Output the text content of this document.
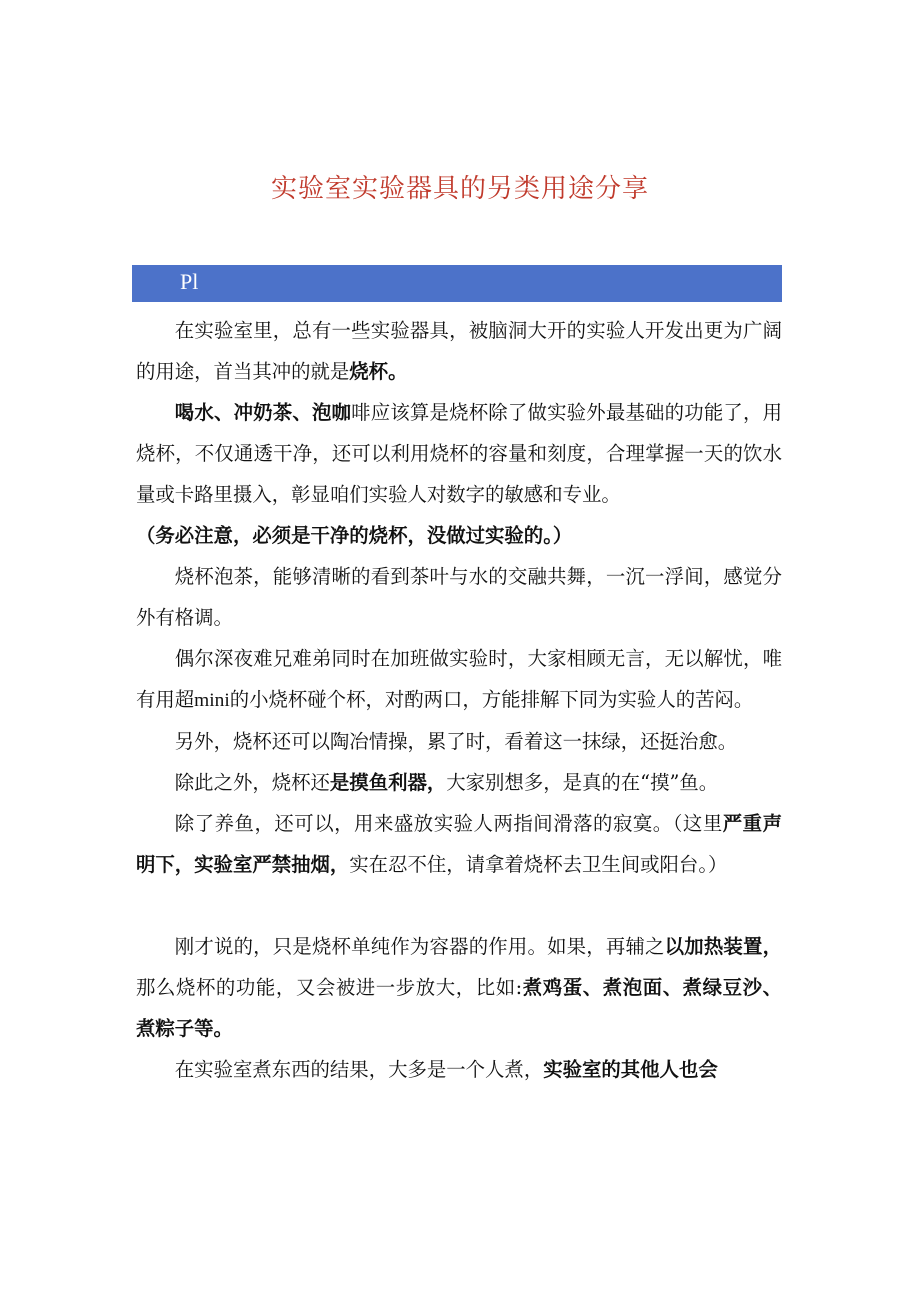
实验室实验器具的另类用途分享
Pl

在实验室里，总有一些实验器具，被脑洞大开的实验人开发出更为广阔的用途，首当其冲的就是烧杯。

喝水、冲奶茶、泡咖啡应该算是烧杯除了做实验外最基础的功能了，用烧杯，不仅通透干净，还可以利用烧杯的容量和刻度，合理掌握一天的饮水量或卡路里摄入，彰显咱们实验人对数字的敏感和专业。

（务必注意，必须是干净的烧杯，没做过实验的。）

烧杯泡茶，能够清晰的看到茶叶与水的交融共舞，一沉一浮间，感觉分外有格调。

偶尔深夜难兄难弟同时在加班做实验时，大家相顾无言，无以解忧，唯有用超mini的小烧杯碰个杯，对酌两口，方能排解下同为实验人的苦闷。

另外，烧杯还可以陶冶情操，累了时，看着这一抹绿，还挺治愈。

除此之外，烧杯还是摸鱼利器，大家别想多，是真的在“摸”鱼。

除了养鱼，还可以，用来盛放实验人两指间滑落的寂寞。（这里严重声明下，实验室严禁抽烟，实在忍不住，请拿着烧杯去卫生间或阳台。）

刚才说的，只是烧杯单纯作为容器的作用。如果，再辅之以加热装置，那么烧杯的功能，又会被进一步放大，比如:煮鸡蛋、煮泡面、煮绿豆沙、煮粽子等。

在实验室煮东西的结果，大多是一个人煮，实验室的其他人也会
